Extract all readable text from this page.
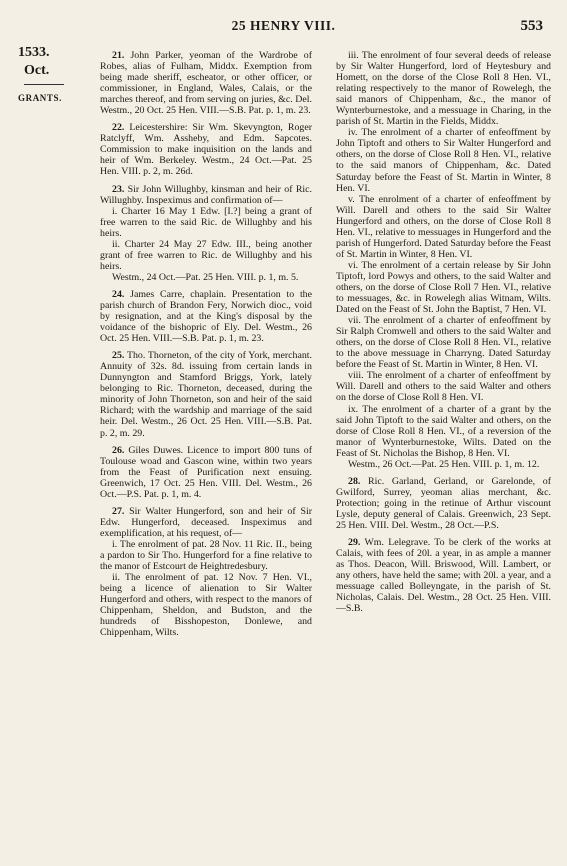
25 HENRY VIII.	553
1533.
Oct.
GRANTS.

21. John Parker, yeoman of the Wardrobe of Robes, alias of Fulham, Middx. Exemption from being made sheriff, escheator, or other officer, or commissioner, in England, Wales, Calais, or the marches thereof, and from serving on juries, &c. Del. Westm., 20 Oct. 25 Hen. VIII.—S.B. Pat. p. 1, m. 23.

22. Leicestershire: Sir Wm. Skevyngton, Roger Ratclyff, Wm. Assheby, and Edm. Sapcotes. Commission to make inquisition on the lands and heir of Wm. Berkeley. Westm., 24 Oct.—Pat. 25 Hen. VIII. p. 2, m. 26d.

23. Sir John Willughby, kinsman and heir of Ric. Willughby. Inspeximus and confirmation of—

i. Charter 16 May 1 Edw. [I.?] being a grant of free warren to the said Ric. de Willughby and his heirs.

ii. Charter 24 May 27 Edw. III., being another grant of free warren to Ric. de Willughby and his heirs.

Westm., 24 Oct.—Pat. 25 Hen. VIII. p. 1, m. 5.

24. James Carre, chaplain. Presentation to the parish church of Brandon Fery, Norwich dioc., void by resignation, and at the King's disposal by the voidance of the bishopric of Ely. Del. Westm., 26 Oct. 25 Hen. VIII.—S.B. Pat. p. 1, m. 23.

25. Tho. Thorneton, of the city of York, merchant. Annuity of 32s. 8d. issuing from certain lands in Dunnyngton and Stamford Briggs, York, lately belonging to Ric. Thorneton, deceased, during the minority of John Thorneton, son and heir of the said Richard; with the wardship and marriage of the said heir. Del. Westm., 26 Oct. 25 Hen. VIII.—S.B. Pat. p. 2, m. 29.

26. Giles Duwes. Licence to import 800 tuns of Toulouse woad and Gascon wine, within two years from the Feast of Purification next ensuing. Greenwich, 17 Oct. 25 Hen. VIII. Del. Westm., 26 Oct.—P.S. Pat. p. 1, m. 4.

27. Sir Walter Hungerford, son and heir of Sir Edw. Hungerford, deceased. Inspeximus and exemplification, at his request, of—

i. The enrolment of pat. 28 Nov. 11 Ric. II., being a pardon to Sir Tho. Hungerford for a fine relative to the manor of Estcourt de Heightredesbury.

ii. The enrolment of pat. 12 Nov. 7 Hen. VI., being a licence of alienation to Sir Walter Hungerford and others, with respect to the manors of Chippenham, Sheldon, and Budston, and the hundreds of Bisshopeston, Donlewe, and Chippenham, Wilts.

iii. The enrolment of four several deeds of release by Sir Walter Hungerford, lord of Heytesbury and Homett, on the dorse of the Close Roll 8 Hen. VI., relating respectively to the manor of Rowelegh, the said manors of Chippenham, &c., the manor of Wynterburnestoke, and a messuage in Charing, in the parish of St. Martin in the Fields, Middx.

iv. The enrolment of a charter of enfeoffment by John Tiptoft and others to Sir Walter Hungerford and others, on the dorse of Close Roll 8 Hen. VI., relative to the said manors of Chippenham, &c. Dated Saturday before the Feast of St. Martin in Winter, 8 Hen. VI.

v. The enrolment of a charter of enfeoffment by Will. Darell and others to the said Sir Walter Hungerford and others, on the dorse of Close Roll 8 Hen. VI., relative to messuages in Hungerford and the parish of Hungerford. Dated Saturday before the Feast of St. Martin in Winter, 8 Hen. VI.

vi. The enrolment of a certain release by Sir John Tiptoft, lord Powys and others, to the said Walter and others, on the dorse of Close Roll 7 Hen. VI., relative to messuages, &c. in Rowelegh alias Witnam, Wilts. Dated on the Feast of St. John the Baptist, 7 Hen. VI.

vii. The enrolment of a charter of enfeoffment by Sir Ralph Cromwell and others to the said Walter and others, on the dorse of Close Roll 8 Hen. VI., relative to the above messuage in Charryng. Dated Saturday before the Feast of St. Martin in Winter, 8 Hen. VI.

viii. The enrolment of a charter of enfeoffment by Will. Darell and others to the said Walter and others on the dorse of Close Roll 8 Hen. VI.

ix. The enrolment of a charter of a grant by the said John Tiptoft to the said Walter and others, on the dorse of Close Roll 8 Hen. VI., of a reversion of the manor of Wynterburnestoke, Wilts. Dated on the Feast of St. Nicholas the Bishop, 8 Hen. VI.

Westm., 26 Oct.—Pat. 25 Hen. VIII. p. 1, m. 12.

28. Ric. Garland, Gerland, or Garelonde, of Gwilford, Surrey, yeoman alias merchant, &c. Protection; going in the retinue of Arthur viscount Lysle, deputy general of Calais. Greenwich, 23 Sept. 25 Hen. VIII. Del. Westm., 28 Oct.—P.S.

29. Wm. Lelegrave. To be clerk of the works at Calais, with fees of 20l. a year, in as ample a manner as Thos. Deacon, Will. Briswood, Will. Lambert, or any others, have held the same; with 20l. a year, and a messuage called Bolleyngate, in the parish of St. Nicholas, Calais. Del. Westm., 28 Oct. 25 Hen. VIII.—S.B.
